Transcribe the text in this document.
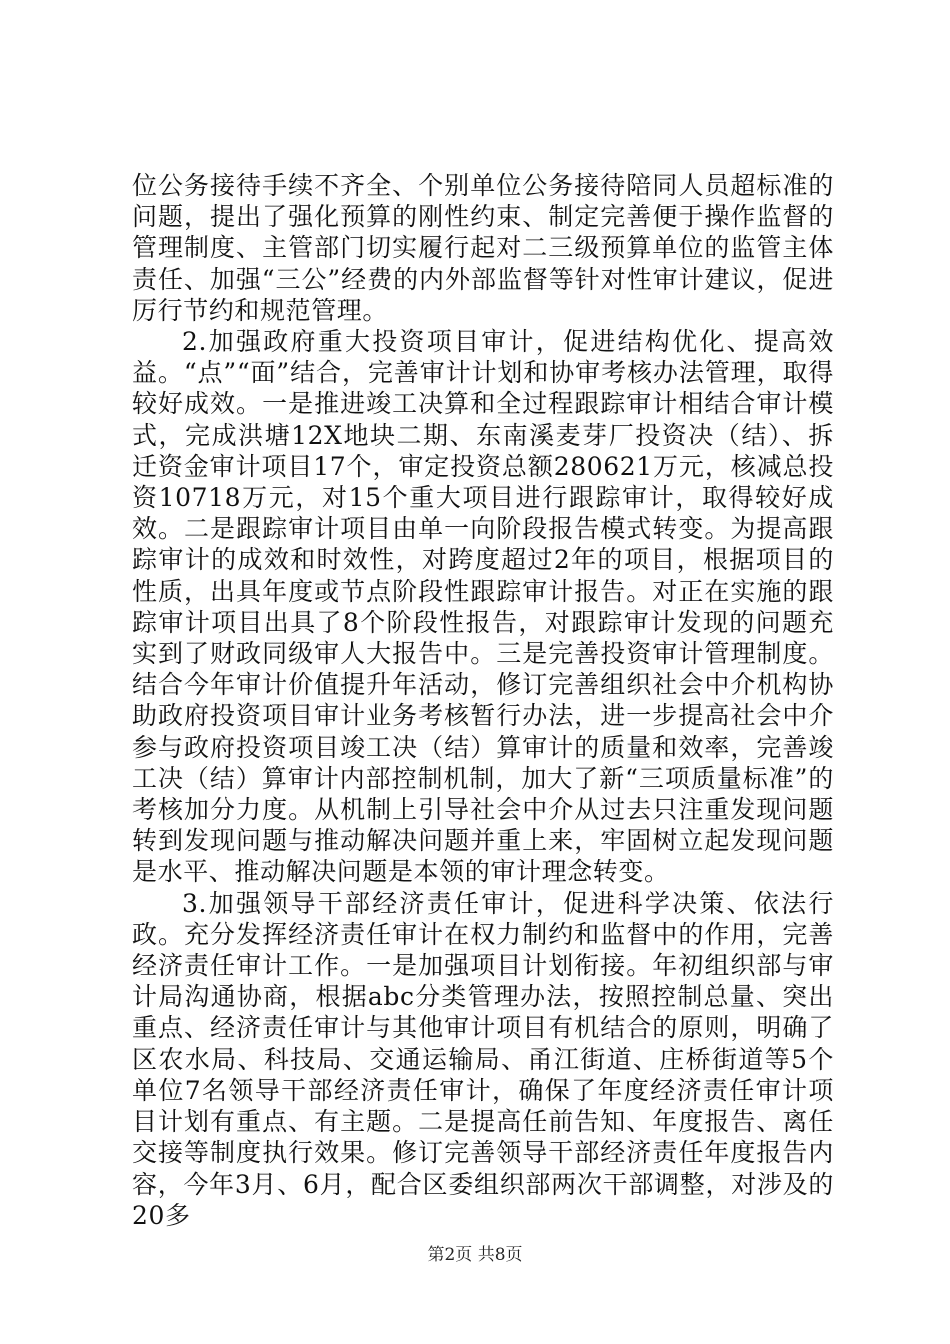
位公务接待手续不齐全、个别单位公务接待陪同人员超标准的问题，提出了强化预算的刚性约束、制定完善便于操作监督的管理制度、主管部门切实履行起对二三级预算单位的监管主体责任、加强“三公”经费的内外部监督等针对性审计建议，促进厉行节约和规范管理。

2.加强政府重大投资项目审计，促进结构优化、提高效益。“点”“面”结合，完善审计计划和协审考核办法管理，取得较好成效。一是推进竣工决算和全过程跟踪审计相结合审计模式，完成洪塘12X地块二期、东南溪麦芽厂投资决（结）、拆迁资金审计项目17个，审定投资总额280621万元，核减总投资10718万元，对15个重大项目进行跟踪审计，取得较好成效。二是跟踪审计项目由单一向阶段报告模式转变。为提高跟踪审计的成效和时效性，对跨度超过2年的项目，根据项目的性质，出具年度或节点阶段性跟踪审计报告。对正在实施的跟踪审计项目出具了8个阶段性报告，对跟踪审计发现的问题充实到了财政同级审人大报告中。三是完善投资审计管理制度。结合今年审计价值提升年活动，修订完善组织社会中介机构协助政府投资项目审计业务考核暂行办法，进一步提高社会中介参与政府投资项目竣工决（结）算审计的质量和效率，完善竣工决（结）算审计内部控制机制，加大了新“三项质量标准”的考核加分力度。从机制上引导社会中介从过去只注重发现问题转到发现问题与推动解决问题并重上来，牢固树立起发现问题是水平、推动解决问题是本领的审计理念转变。

3.加强领导干部经济责任审计，促进科学决策、依法行政。充分发挥经济责任审计在权力制约和监督中的作用，完善经济责任审计工作。一是加强项目计划衔接。年初组织部与审计局沟通协商，根据abc分类管理办法，按照控制总量、突出重点、经济责任审计与其他审计项目有机结合的原则，明确了区农水局、科技局、交通运输局、甬江街道、庄桥街道等5个单位7名领导干部经济责任审计，确保了年度经济责任审计项目计划有重点、有主题。二是提高任前告知、年度报告、离任交接等制度执行效果。修订完善领导干部经济责任年度报告内容，今年3月、6月，配合区委组织部两次干部调整，对涉及的20多

第2页 共8页
